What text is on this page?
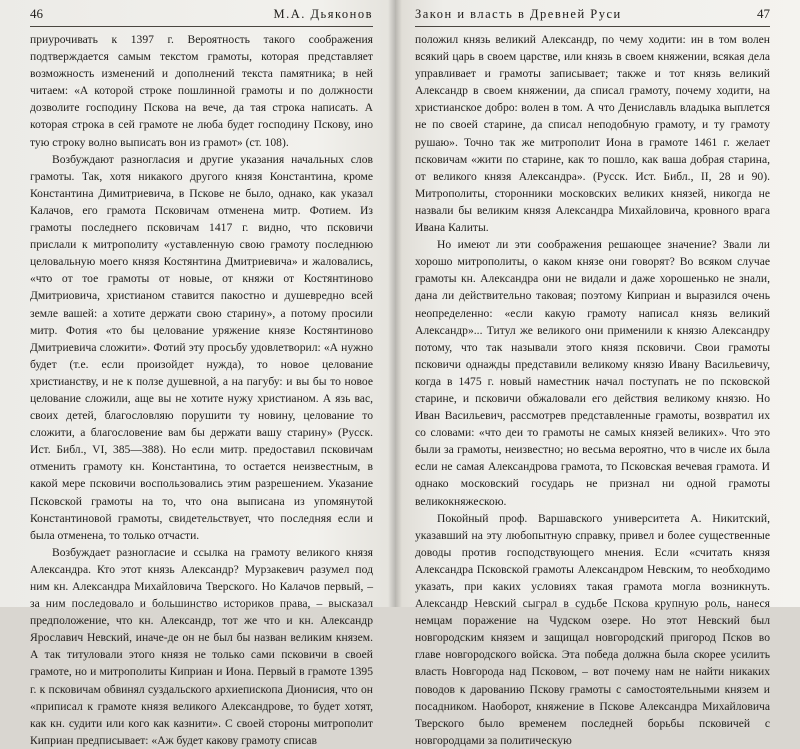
46	М.А. Дьяконов

приурочивать к 1397 г. Вероятность такого соображения подтверждается самым текстом грамоты, которая представляет возможность изменений и дополнений текста памятника; в ней читаем: «А которой строке пошлинной грамоты и по должности дозволите господину Пскова на вече, да тая строка написать. А которая строка в сей грамоте не люба будет господину Пскову, ино тую строку волно выписать вон из грамот» (ст. 108).

Возбуждают разногласия и другие указания начальных слов грамоты. Так, хотя никакого другого князя Константина, кроме Константина Димитриевича, в Пскове не было, однако, как указал Калачов, его грамота Псковичам отменена митр. Фотием. Из грамоты последнего псковичам 1417 г. видно, что псковичи прислали к митрополиту «уставленную свою грамоту последнюю целовальную моего князя Костянтина Дмитриевича» и жаловались, «что от тое грамоты от новые, от княжи от Костянтиново Дмитриовича, христианом ставится пакостно и душевредно всей земле вашей: а хотите держати свою старину», а потому просили митр. Фотия «то бы целование уряжение князе Костянтиново Дмитриевича сложити». Фотий эту просьбу удовлетворил: «А нужно будет (т.е. если произойдет нужда), то новое целование христианству, и не к ползе душевной, а на пагубу: и вы бы то новое целование сложили, аще вы не хотите нужу христианом. А язь вас, своих детей, благословляю порушити ту новину, целование то сложити, а благословение вам бы держати вашу старину» (Русск. Ист. Библ., VI, 385—388). Но если митр. предоставил псковичам отменить грамоту кн. Константина, то остается неизвестным, в какой мере псковичи воспользовались этим разрешением. Указание Псковской грамоты на то, что она выписана из упомянутой Константиновой грамоты, свидетельствует, что последняя если и была отменена, то только отчасти.

Возбуждает разногласие и ссылка на грамоту великого князя Александра. Кто этот князь Александр? Мурзакевич разумел под ним кн. Александра Михайловича Тверского. Но Калачов первый, – за ним последовало и большинство историков права, – высказал предположение, что кн. Александр, тот же что и кн. Александр Ярославич Невский, иначе-де он не был бы назван великим князем. А так титуловали этого князя не только сами псковичи в своей грамоте, но и митрополиты Киприан и Иона. Первый в грамоте 1395 г. к псковичам обвинял суздальского архиепископа Дионисия, что он «приписал к грамоте князя великого Александрове, то будет хотят, как кн. судити или кого как казнити». С своей стороны митрополит Киприан предписывает: «Аж будет какову грамоту списав

Закон и власть в Древней Руси	47

положил князь великий Александр, по чему ходити: ин в том волен всякий царь в своем царстве, или князь в своем княжении, всякая дела управливает и грамоты записывает; также и тот князь великий Александр в своем княжении, да списал грамоту, почему ходити, на христианское добро: волен в том. А что Дениславль владыка выплется не по своей старине, да списал неподобную грамоту, и ту грамоту рушаю». Точно так же митрополит Иона в грамоте 1461 г. желает псковичам «жити по старине, как то пошло, как ваша добрая старина, от великого князя Александра». (Русск. Ист. Библ., II, 28 и 90). Митрополиты, сторонники московских великих князей, никогда не назвали бы великим князя Александра Михайловича, кровного врага Ивана Калиты.

Но имеют ли эти соображения решающее значение? Звали ли хорошо митрополиты, о каком князе они говорят? Во всяком случае грамоты кн. Александра они не видали и даже хорошенько не знали, дана ли действительно таковая; поэтому Киприан и выразился очень неопределенно: «если какую грамоту написал князь великий Александр»... Титул же великого они применили к князю Александру потому, что так называли этого князя псковичи. Свои грамоты псковичи однажды представили великому князю Ивану Васильевичу, когда в 1475 г. новый наместник начал поступать не по псковской старине, и псковичи обжаловали его действия великому князю. Но Иван Васильевич, рассмотрев представленные грамоты, возвратил их со словами: «что деи то грамоты не самых князей великих». Что это были за грамоты, неизвестно; но весьма вероятно, что в числе их была если не самая Александрова грамота, то Псковская вечевая грамота. И однако московский государь не признал ни одной грамоты великокняжескою.

Покойный проф. Варшавского университета А. Никитский, указавший на эту любопытную справку, привел и более существенные доводы против господствующего мнения. Если «считать князя Александра Псковской грамоты Александром Невским, то необходимо указать, при каких условиях такая грамота могла возникнуть. Александр Невский сыграл в судьбе Пскова крупную роль, нанеся немцам поражение на Чудском озере. Но этот Невский был новгородским князем и защищал новгородский пригород Псков во главе новгородского войска. Эта победа должна была скорее усилить власть Новгорода над Псковом, – вот почему нам не найти никаких поводов к дарованию Пскову грамоты с самостоятельными князем и посадником. Наоборот, княжение в Пскове Александра Михайловича Тверского было временем последней борьбы псковичей с новгородцами за политическую
